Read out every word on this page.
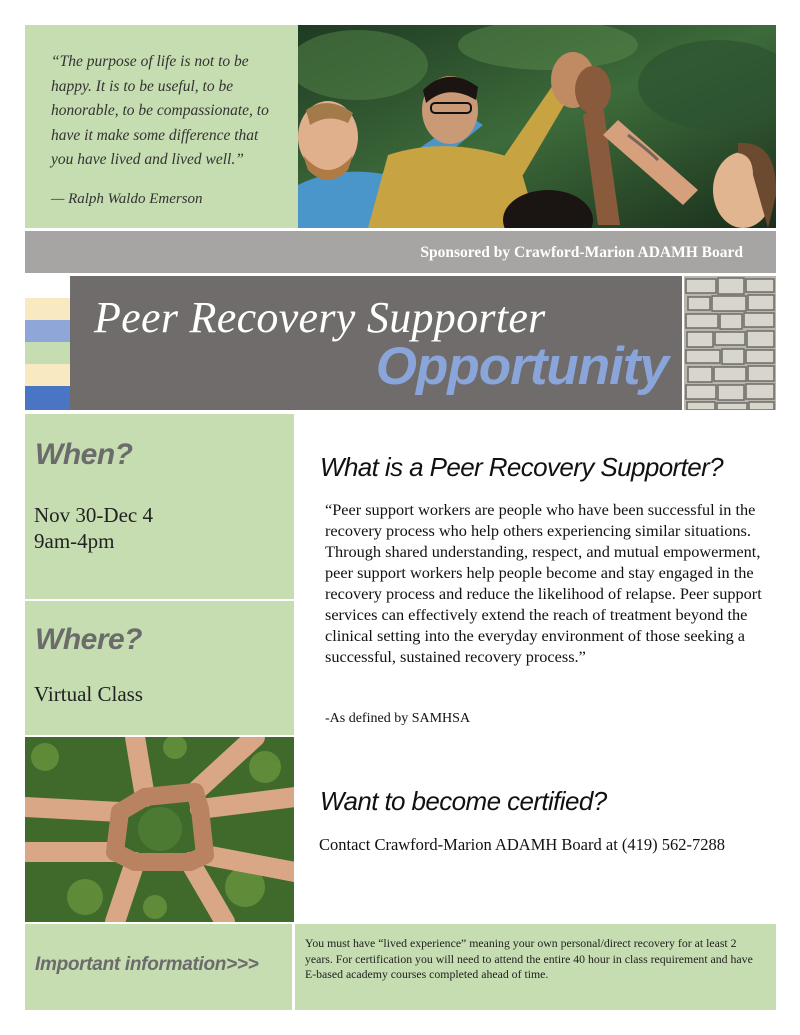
“The purpose of life is not to be happy. It is to be useful, to be honorable, to be compassionate, to have it make some difference that you have lived and lived well.”
— Ralph Waldo Emerson
Sponsored by Crawford-Marion ADAMH Board
Peer Recovery Supporter
Opportunity
When?
Nov 30-Dec 4
9am-4pm
Where?
Virtual Class
What is a Peer Recovery Supporter?
“Peer support workers are people who have been successful in the recovery process who help others experiencing similar situations. Through shared understanding, respect, and mutual empowerment, peer support workers help people become and stay engaged in the recovery process and reduce the likelihood of relapse. Peer support services can effectively extend the reach of treatment beyond the clinical setting into the everyday environment of those seeking a successful, sustained recovery process.”
-As defined by SAMHSA
Want to become certified?
Contact Crawford-Marion ADAMH Board at (419) 562-7288
Important information>>>
You must have “lived experience” meaning your own personal/direct recovery for at least 2 years. For certification you will need to attend the entire 40 hour in class requirement and have E-based academy courses completed ahead of time.
